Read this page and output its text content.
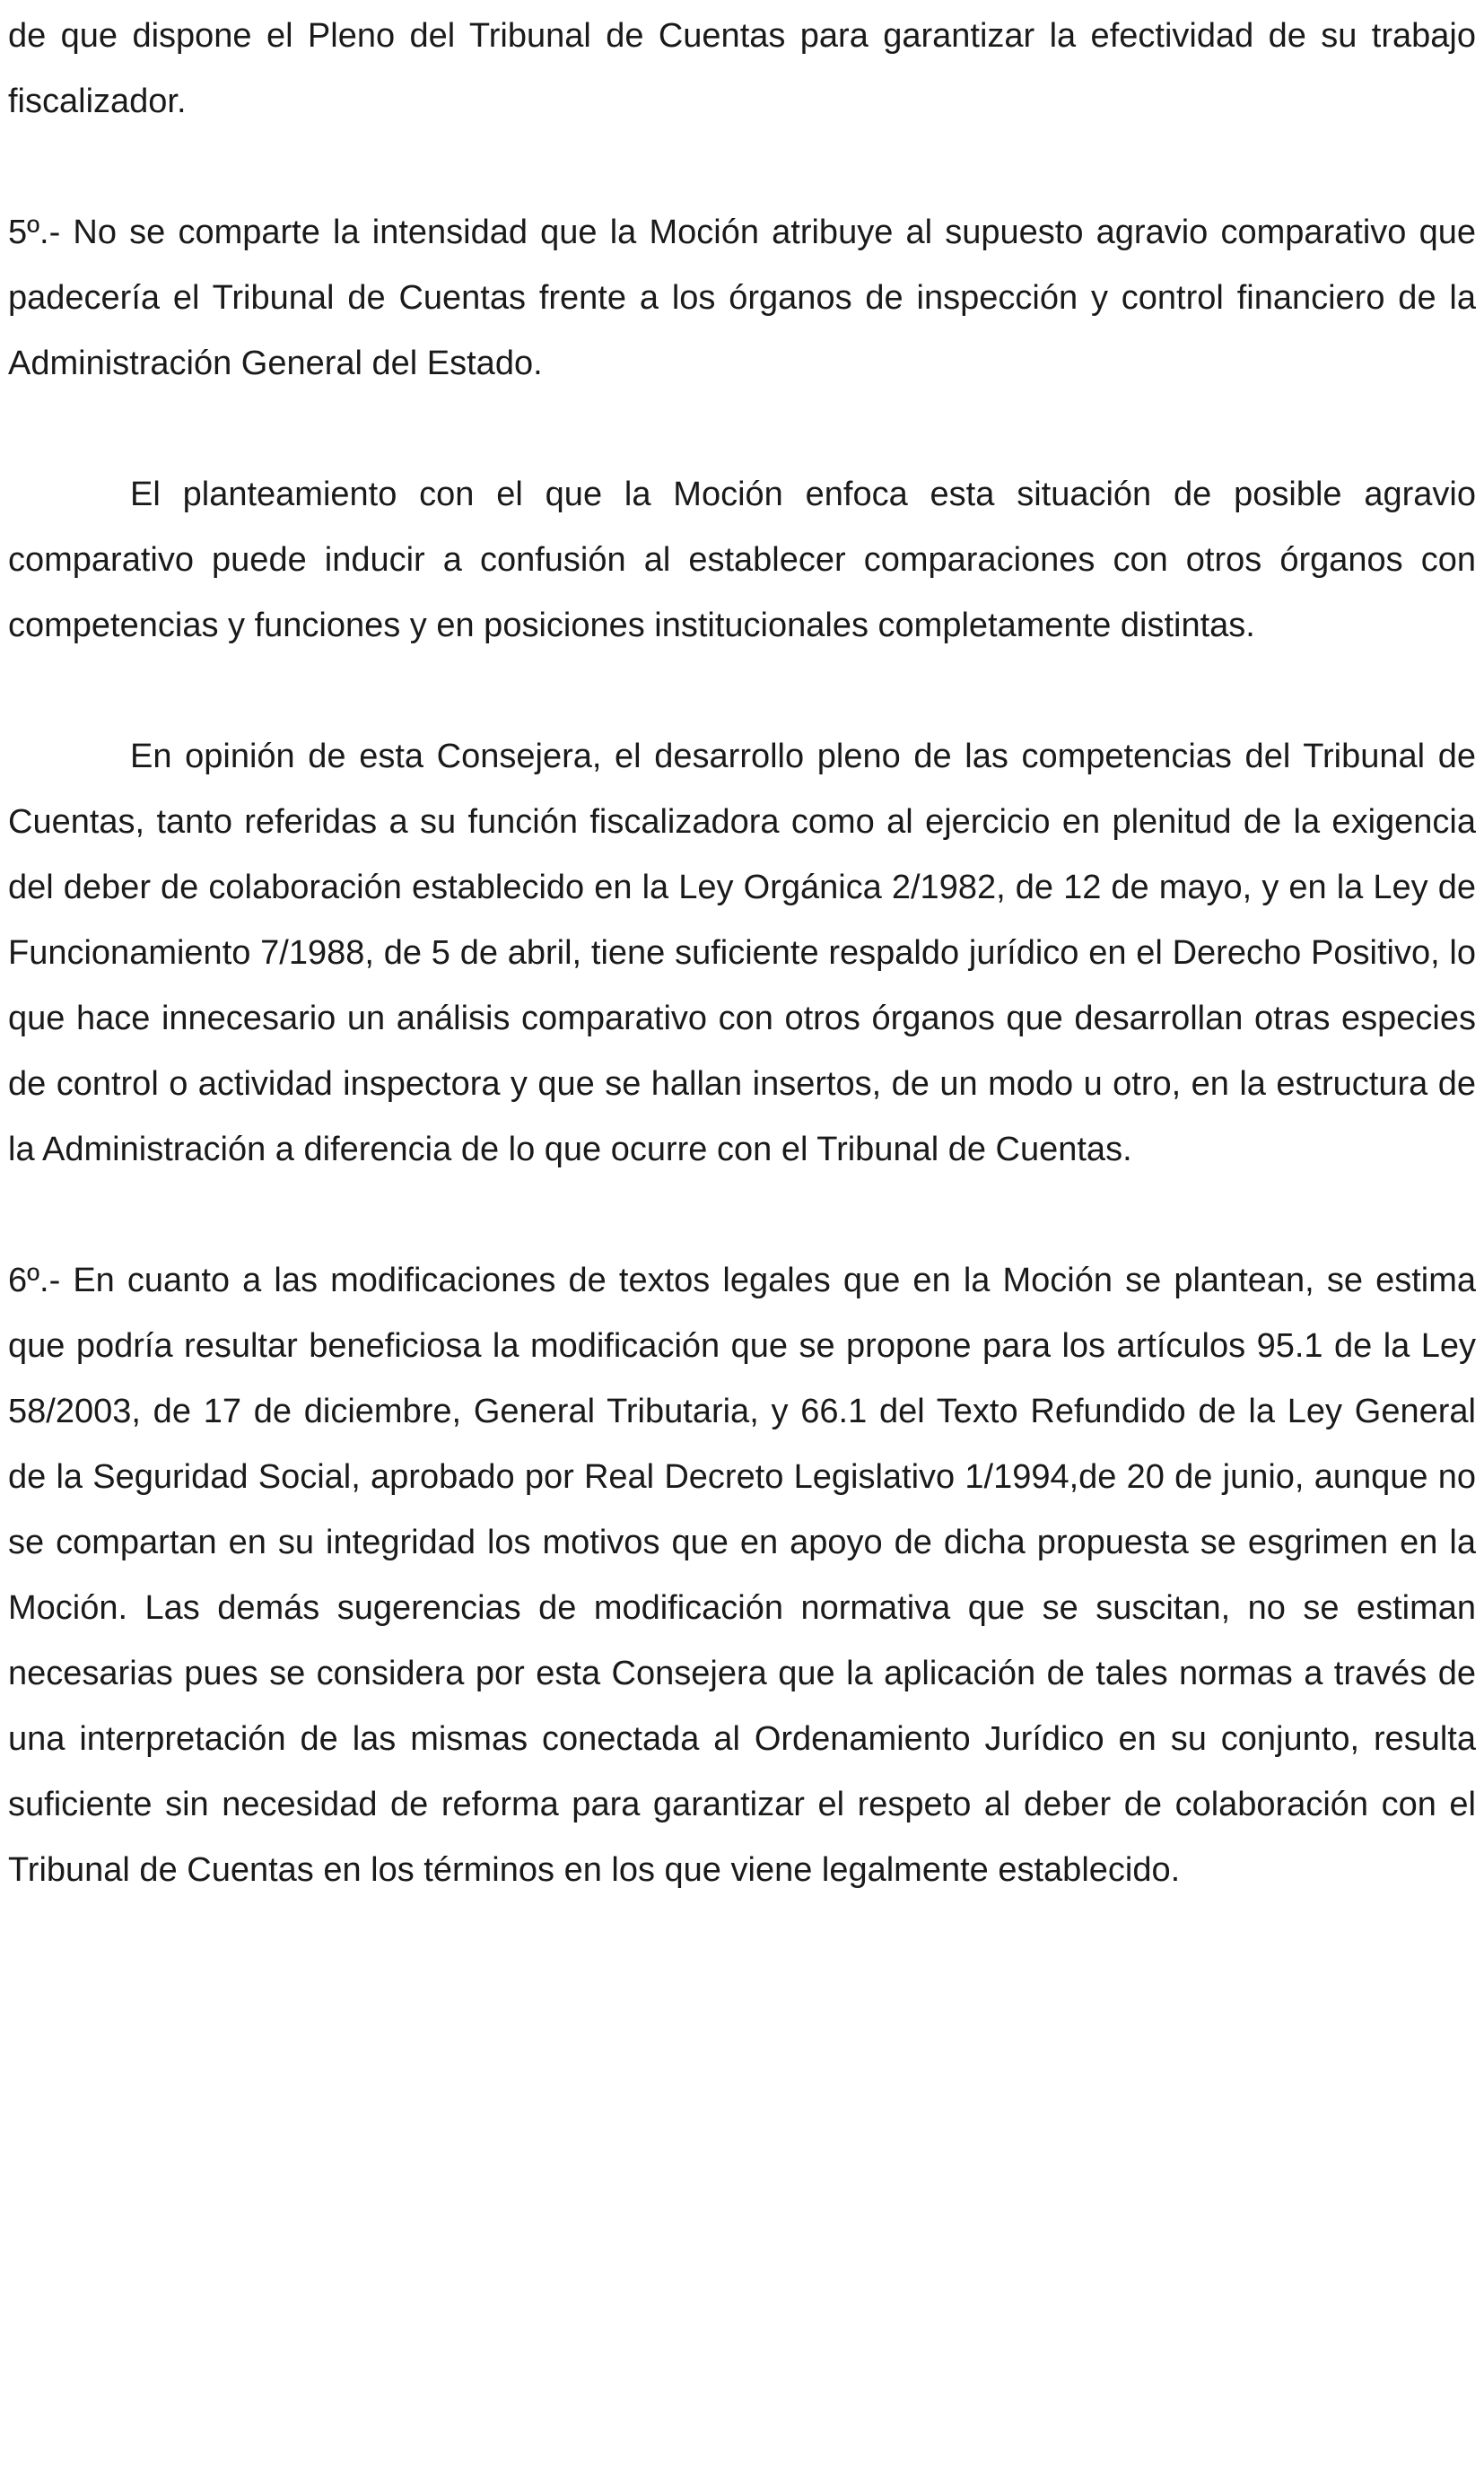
de que dispone el Pleno del Tribunal de Cuentas para garantizar la efectividad de su trabajo fiscalizador.

5º.- No se comparte la intensidad que la Moción atribuye al supuesto agravio comparativo que padecería el Tribunal de Cuentas frente a los órganos de inspección y control financiero de la Administración General del Estado.

El planteamiento con el que la Moción enfoca esta situación de posible agravio comparativo puede inducir a confusión al establecer comparaciones con otros órganos con competencias y funciones y en posiciones institucionales completamente distintas.

En opinión de esta Consejera, el desarrollo pleno de las competencias del Tribunal de Cuentas, tanto referidas a su función fiscalizadora como al ejercicio en plenitud de la exigencia del deber de colaboración establecido en la Ley Orgánica 2/1982, de 12 de mayo, y en la Ley de Funcionamiento 7/1988, de 5 de abril, tiene suficiente respaldo jurídico en el Derecho Positivo, lo que hace innecesario un análisis comparativo con otros órganos que desarrollan otras especies de control o actividad inspectora y que se hallan insertos, de un modo u otro, en la estructura de la Administración a diferencia de lo que ocurre con el Tribunal de Cuentas.

6º.- En cuanto a las modificaciones de textos legales que en la Moción se plantean, se estima que podría resultar beneficiosa la modificación que se propone para los artículos 95.1 de la Ley 58/2003, de 17 de diciembre, General Tributaria, y 66.1 del Texto Refundido de la Ley General de la Seguridad Social, aprobado por Real Decreto Legislativo 1/1994,de 20 de junio, aunque no se compartan en su integridad los motivos que en apoyo de dicha propuesta se esgrimen en la Moción. Las demás sugerencias de modificación normativa que se suscitan, no se estiman necesarias pues se considera por esta Consejera que la aplicación de tales normas a través de una interpretación de las mismas conectada al Ordenamiento Jurídico en su conjunto, resulta suficiente sin necesidad de reforma para garantizar el respeto al deber de colaboración con el Tribunal de Cuentas en los términos en los que viene legalmente establecido.
